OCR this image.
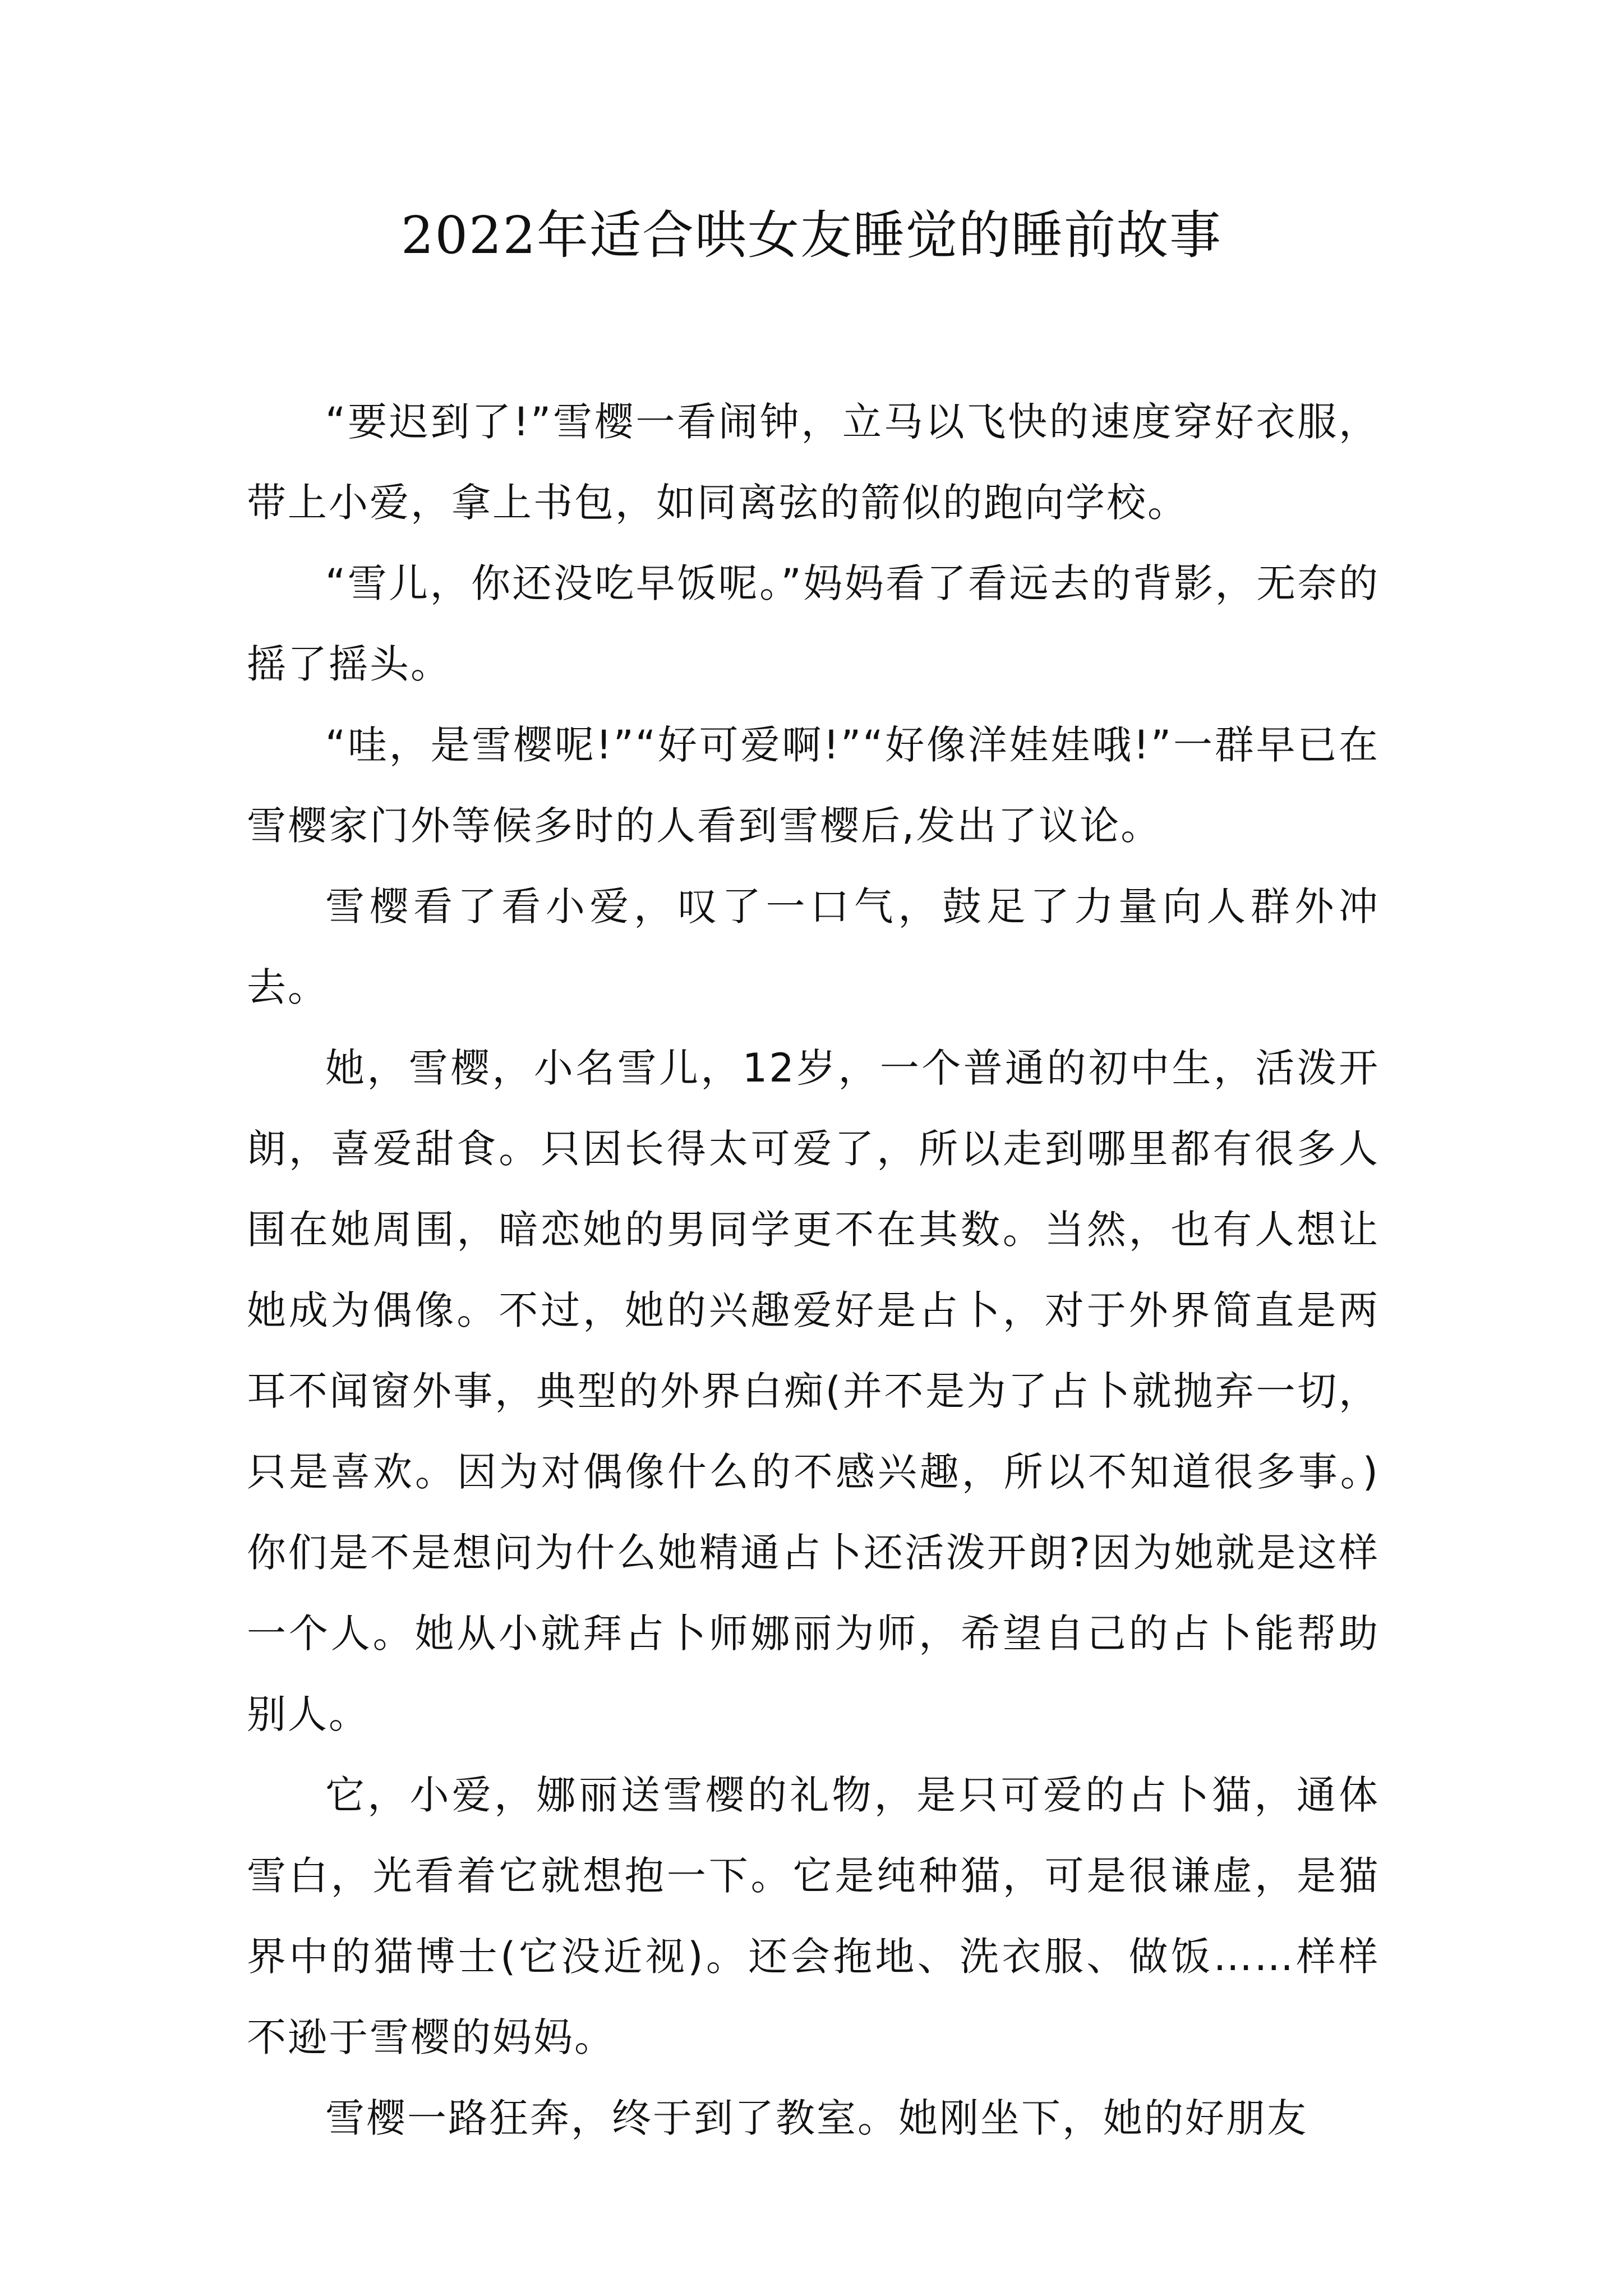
2022年适合哄女友睡觉的睡前故事

“要迟到了!”雪樱一看闹钟，立马以飞快的速度穿好衣服，带上小爱，拿上书包，如同离弦的箭似的跑向学校。

“雪儿，你还没吃早饭呢。”妈妈看了看远去的背影，无奈的摇了摇头。

“哇，是雪樱呢!”“好可爱啊!”“好像洋娃娃哦!”一群早已在雪樱家门外等候多时的人看到雪樱后,发出了议论。

雪樱看了看小爱，叹了一口气，鼓足了力量向人群外冲去。

她，雪樱，小名雪儿，12岁，一个普通的初中生，活泼开朗，喜爱甜食。只因长得太可爱了，所以走到哪里都有很多人围在她周围，暗恋她的男同学更不在其数。当然，也有人想让她成为偶像。不过，她的兴趣爱好是占卜，对于外界简直是两耳不闻窗外事，典型的外界白痴(并不是为了占卜就抛弃一切，只是喜欢。因为对偶像什么的不感兴趣，所以不知道很多事。)你们是不是想问为什么她精通占卜还活泼开朗?因为她就是这样一个人。她从小就拜占卜师娜丽为师，希望自己的占卜能帮助别人。

它，小爱，娜丽送雪樱的礼物，是只可爱的占卜猫，通体雪白，光看着它就想抱一下。它是纯种猫，可是很谦虚，是猫界中的猫博士(它没近视)。还会拖地、洗衣服、做饭……样样不逊于雪樱的妈妈。

雪樱一路狂奔，终于到了教室。她刚坐下，她的好朋友
